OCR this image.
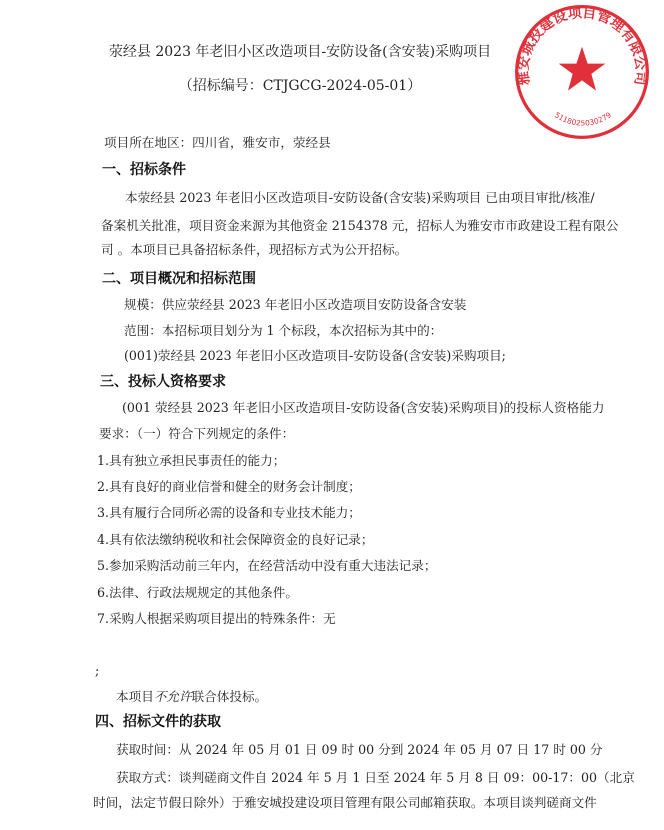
雅安城投建设项目管理有限公司
5118025030279
荥经县 2023 年老旧小区改造项目-安防设备(含安装)采购项目
（招标编号：CTJGCG-2024-05-01）
项目所在地区：四川省，雅安市，荥经县
一、招标条件
本荥经县 2023 年老旧小区改造项目-安防设备(含安装)采购项目 已由项目审批/核准/
备案机关批准，项目资金来源为其他资金 2154378 元，招标人为雅安市市政建设工程有限公
司 。本项目已具备招标条件，现招标方式为公开招标。
二、项目概况和招标范围
规模：供应荥经县 2023 年老旧小区改造项目安防设备含安装
范围：本招标项目划分为 1 个标段，本次招标为其中的：
(001)荥经县 2023 年老旧小区改造项目-安防设备(含安装)采购项目;
三、投标人资格要求
(001 荥经县 2023 年老旧小区改造项目-安防设备(含安装)采购项目)的投标人资格能力
要求：（一）符合下列规定的条件：
1.具有独立承担民事责任的能力；
2.具有良好的商业信誉和健全的财务会计制度；
3.具有履行合同所必需的设备和专业技术能力；
4.具有依法缴纳税收和社会保障资金的良好记录；
5.参加采购活动前三年内，在经营活动中没有重大违法记录；
6.法律、行政法规规定的其他条件。
7.采购人根据采购项目提出的特殊条件：无
;
本项目不允许联合体投标。
四、招标文件的获取
获取时间：从 2024 年 05 月 01 日 09 时 00 分到 2024 年 05 月 07 日 17 时 00 分
获取方式：谈判磋商文件自 2024 年 5 月 1 日至 2024 年 5 月 8 日 09：00-17：00（北京
时间，法定节假日除外）于雅安城投建设项目管理有限公司邮箱获取。本项目谈判磋商文件
